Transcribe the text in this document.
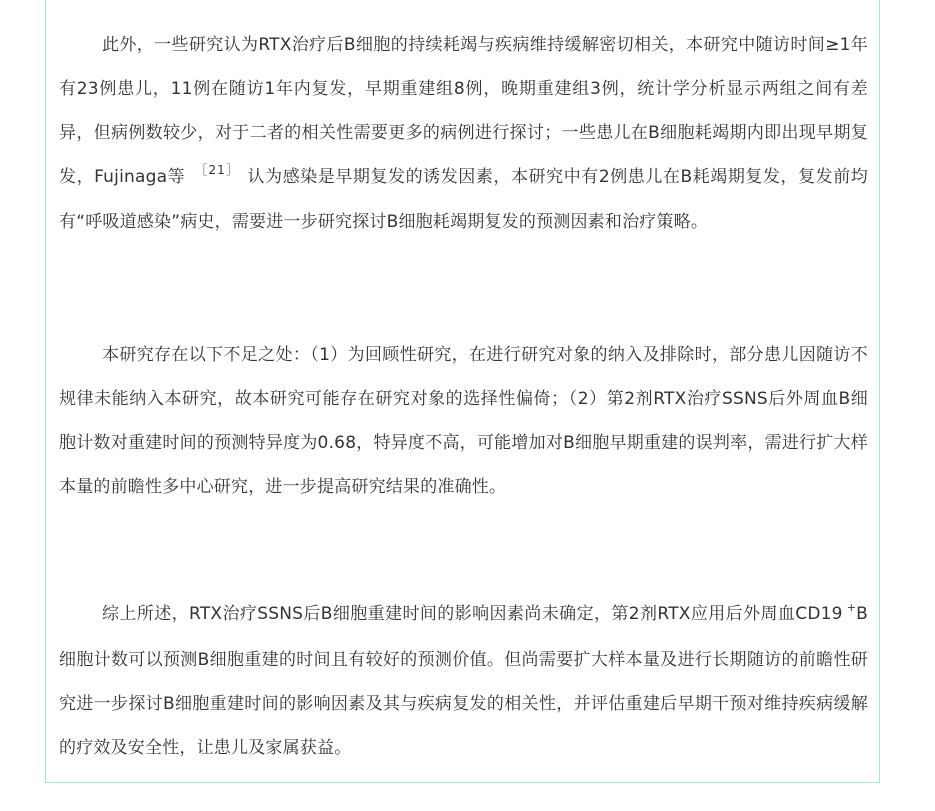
此外，一些研究认为RTX治疗后B细胞的持续耗竭与疾病维持缓解密切相关，本研究中随访时间≥1年有23例患儿，11例在随访1年内复发，早期重建组8例，晚期重建组3例，统计学分析显示两组之间有差异，但病例数较少，对于二者的相关性需要更多的病例进行探讨；一些患儿在B细胞耗竭期内即出现早期复发，Fujinaga等 $^{[21]}$ 认为感染是早期复发的诱发因素，本研究中有2例患儿在B耗竭期复发，复发前均有“呼吸道感染”病史，需要进一步研究探讨B细胞耗竭期复发的预测因素和治疗策略。

本研究存在以下不足之处：（1）为回顾性研究，在进行研究对象的纳入及排除时，部分患儿因随访不规律未能纳入本研究，故本研究可能存在研究对象的选择性偏倚；（2）第2剂RTX治疗SSNS后外周血B细胞计数对重建时间的预测特异度为0.68，特异度不高，可能增加对B细胞早期重建的误判率，需进行扩大样本量的前瞻性多中心研究，进一步提高研究结果的准确性。

综上所述，RTX治疗SSNS后B细胞重建时间的影响因素尚未确定，第2剂RTX应用后外周血CD19 +B细胞计数可以预测B细胞重建的时间且有较好的预测价值。但尚需要扩大样本量及进行长期随访的前瞻性研究进一步探讨B细胞重建时间的影响因素及其与疾病复发的相关性，并评估重建后早期干预对维持疾病缓解的疗效及安全性，让患儿及家属获益。
